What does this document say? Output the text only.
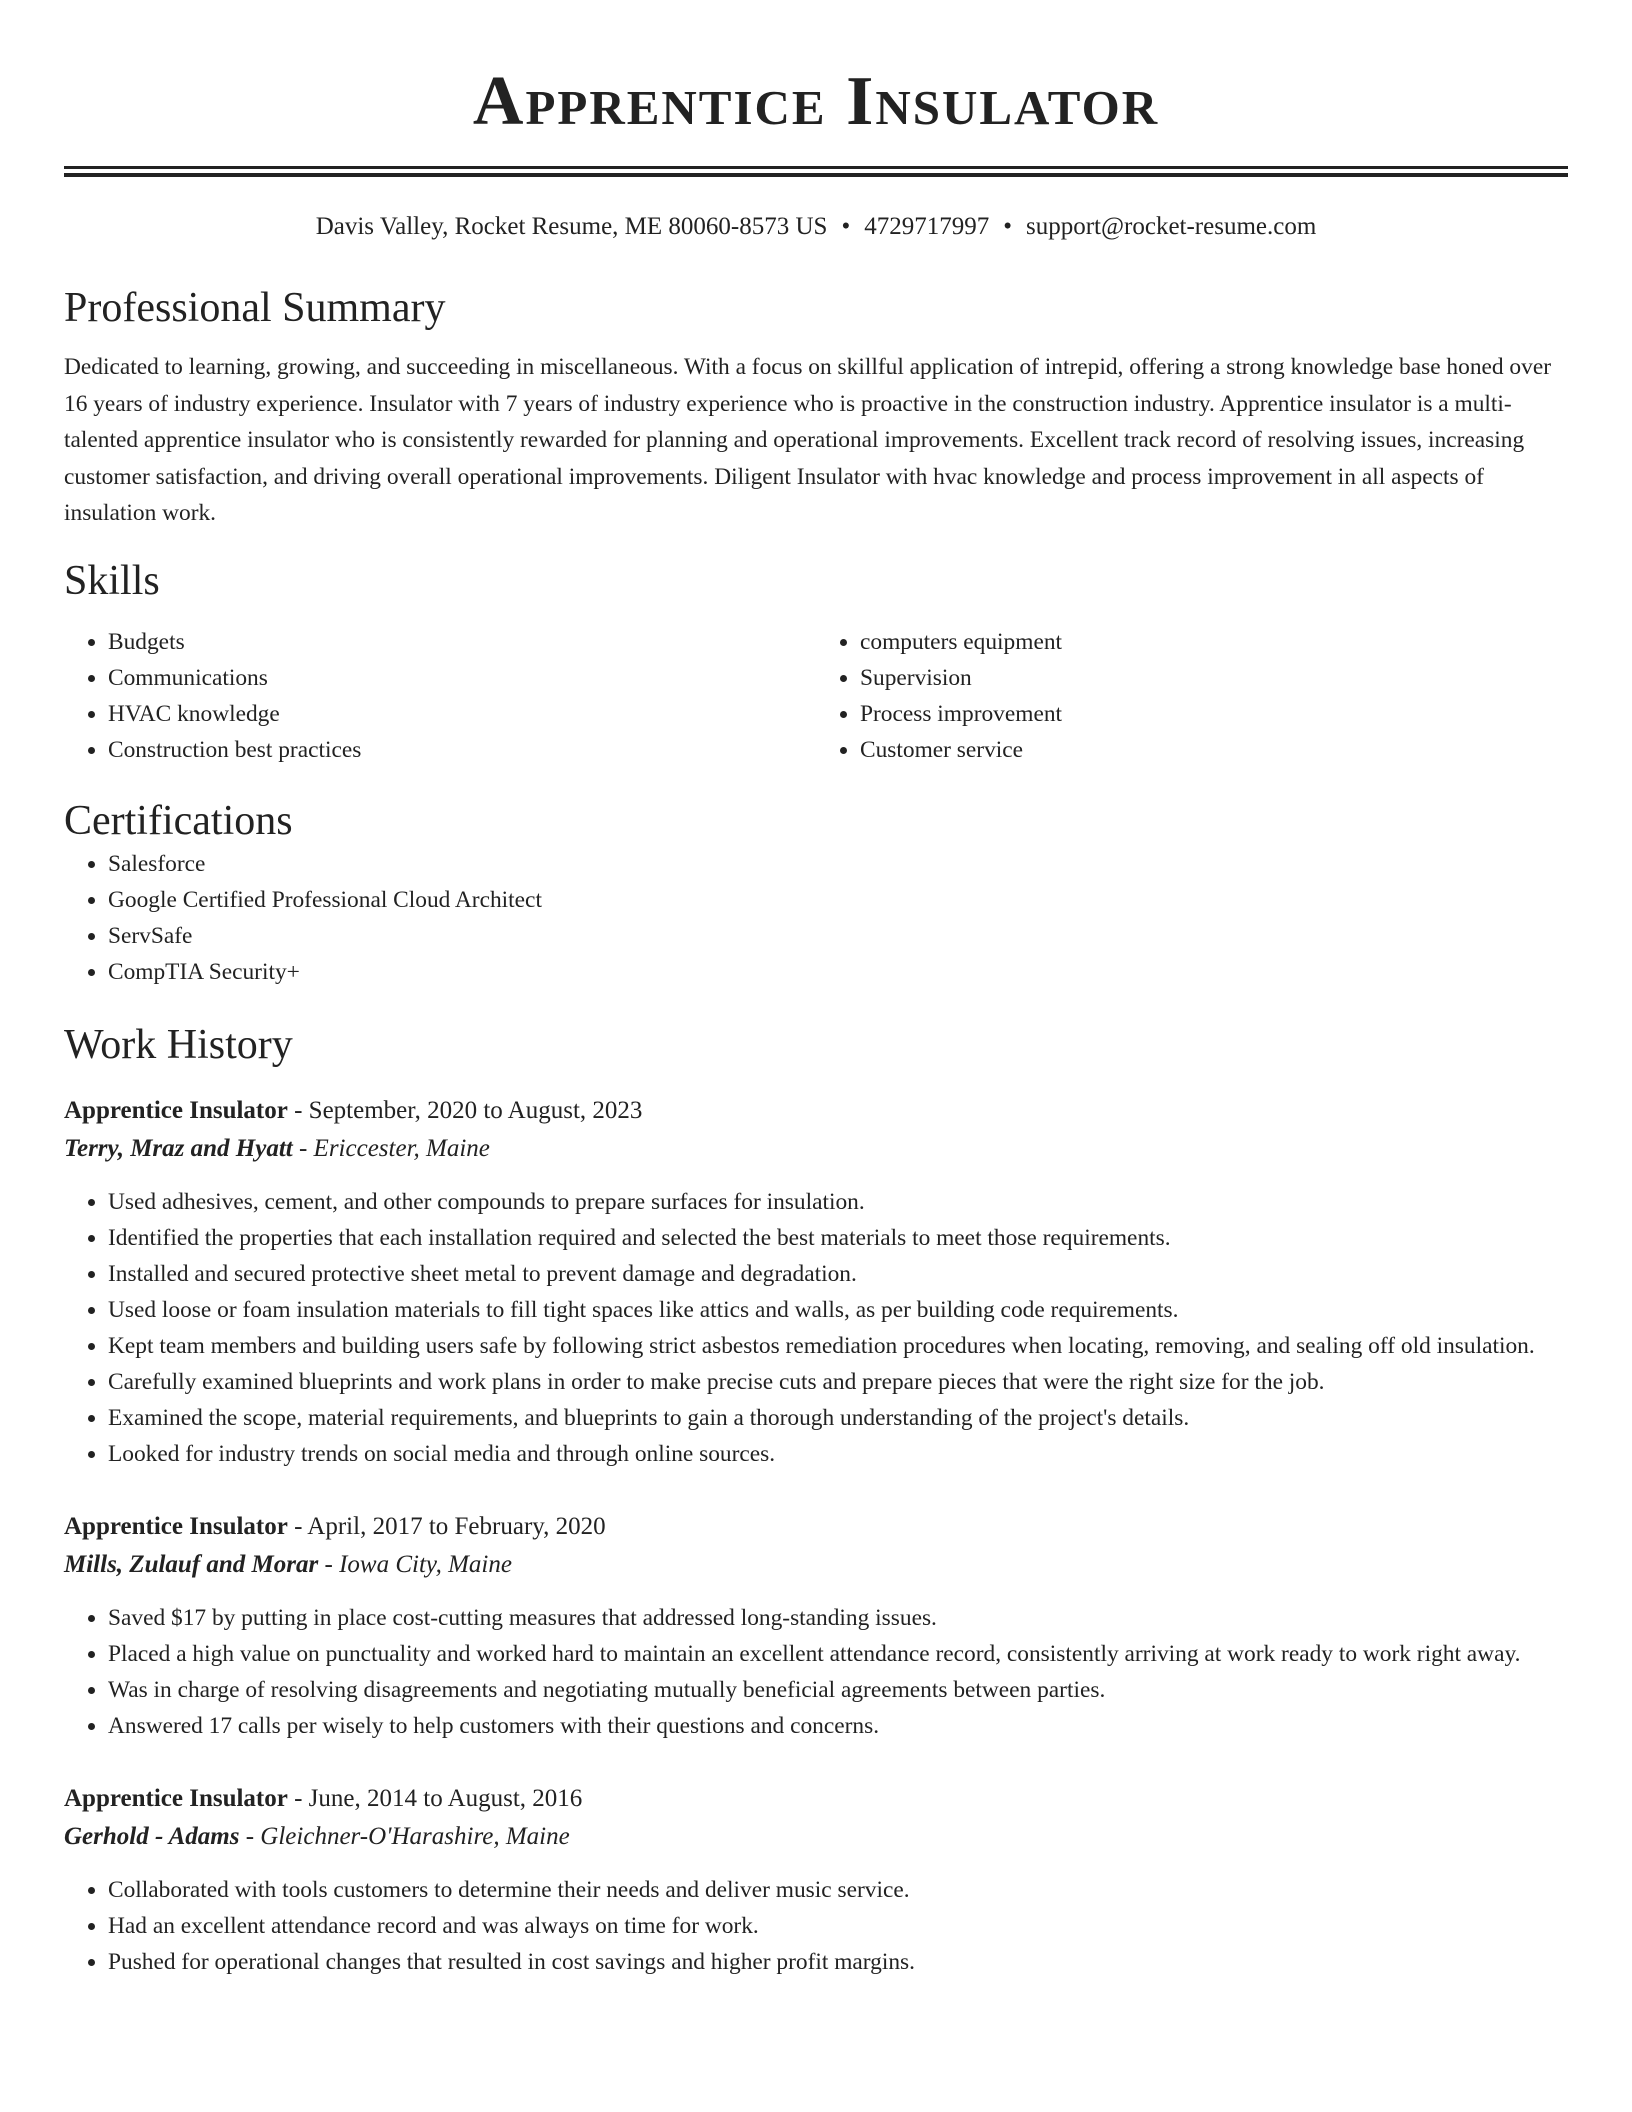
Apprentice Insulator
Davis Valley, Rocket Resume, ME 80060-8573 US • 4729717997 • support@rocket-resume.com
Professional Summary

Dedicated to learning, growing, and succeeding in miscellaneous. With a focus on skillful application of intrepid, offering a strong knowledge base honed over 16 years of industry experience. Insulator with 7 years of industry experience who is proactive in the construction industry. Apprentice insulator is a multi-talented apprentice insulator who is consistently rewarded for planning and operational improvements. Excellent track record of resolving issues, increasing customer satisfaction, and driving overall operational improvements. Diligent Insulator with hvac knowledge and process improvement in all aspects of insulation work.

Skills
• Budgets
• Communications
• HVAC knowledge
• Construction best practices
• computers equipment
• Supervision
• Process improvement
• Customer service
Certifications
• Salesforce
• Google Certified Professional Cloud Architect
• ServSafe
• CompTIA Security+
Work History
Apprentice Insulator - September, 2020 to August, 2023
Terry, Mraz and Hyatt - Ericcester, Maine
• Used adhesives, cement, and other compounds to prepare surfaces for insulation.
• Identified the properties that each installation required and selected the best materials to meet those requirements.
• Installed and secured protective sheet metal to prevent damage and degradation.
• Used loose or foam insulation materials to fill tight spaces like attics and walls, as per building code requirements.
• Kept team members and building users safe by following strict asbestos remediation procedures when locating, removing, and sealing off old insulation.
• Carefully examined blueprints and work plans in order to make precise cuts and prepare pieces that were the right size for the job.
• Examined the scope, material requirements, and blueprints to gain a thorough understanding of the project's details.
• Looked for industry trends on social media and through online sources.
Apprentice Insulator - April, 2017 to February, 2020
Mills, Zulauf and Morar - Iowa City, Maine
• Saved $17 by putting in place cost-cutting measures that addressed long-standing issues.
• Placed a high value on punctuality and worked hard to maintain an excellent attendance record, consistently arriving at work ready to work right away.
• Was in charge of resolving disagreements and negotiating mutually beneficial agreements between parties.
• Answered 17 calls per wisely to help customers with their questions and concerns.
Apprentice Insulator - June, 2014 to August, 2016
Gerhold - Adams - Gleichner-O'Harashire, Maine
• Collaborated with tools customers to determine their needs and deliver music service.
• Had an excellent attendance record and was always on time for work.
• Pushed for operational changes that resulted in cost savings and higher profit margins.
